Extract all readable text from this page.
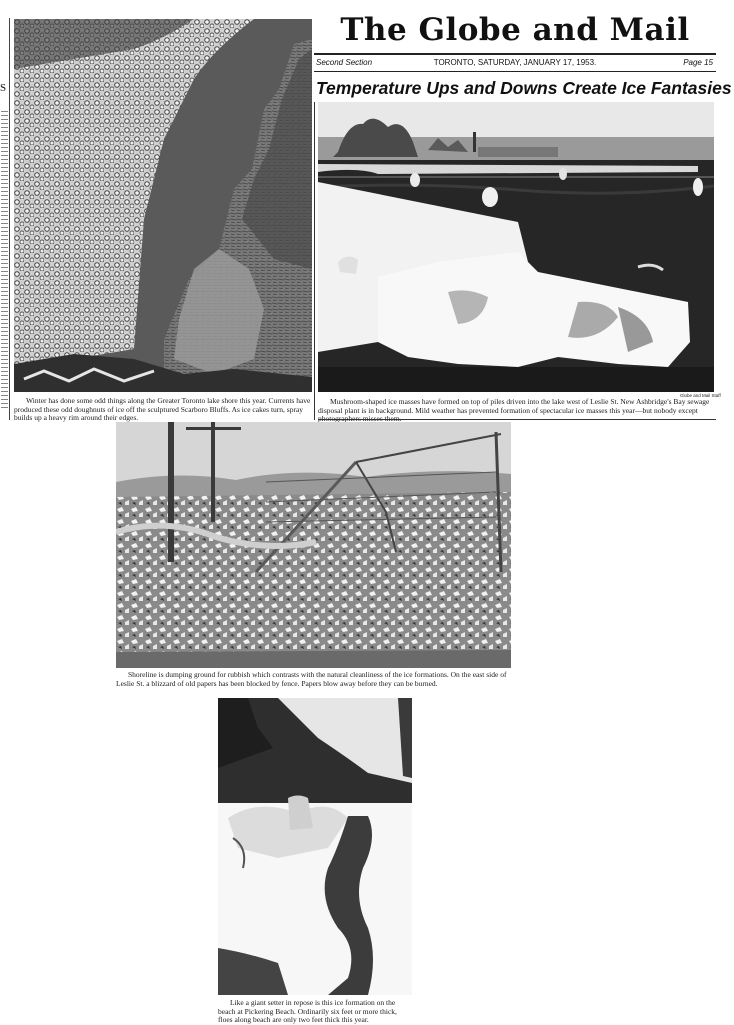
S
The Globe and Mail
Second Section	TORONTO, SATURDAY, JANUARY 17, 1953.	Page 15
Temperature Ups and Downs Create Ice Fantasies

Winter has done some odd things along the Greater Toronto lake shore this year. Currents have produced these odd doughnuts of ice off the sculptured Scarboro Bluffs. As ice cakes turn, spray builds up a heavy rim around their edges.

Globe and Mail Staff

Mushroom-shaped ice masses have formed on top of piles driven into the lake west of Leslie St. New Ashbridge's Bay sewage disposal plant is in background. Mild weather has prevented formation of spectacular ice masses this year—but nobody except

Shoreline is dumping ground for rubbish which contrasts with the natural cleanliness of the ice formations. On the east side of Leslie St. a blizzard of old papers has been blocked by fence. Papers blow away before they can be burned.

Like a giant setter in repose is this ice formation on the beach at Pickering Beach. Ordinarily six feet or more thick, floes along beach are only two feet thick this year.
